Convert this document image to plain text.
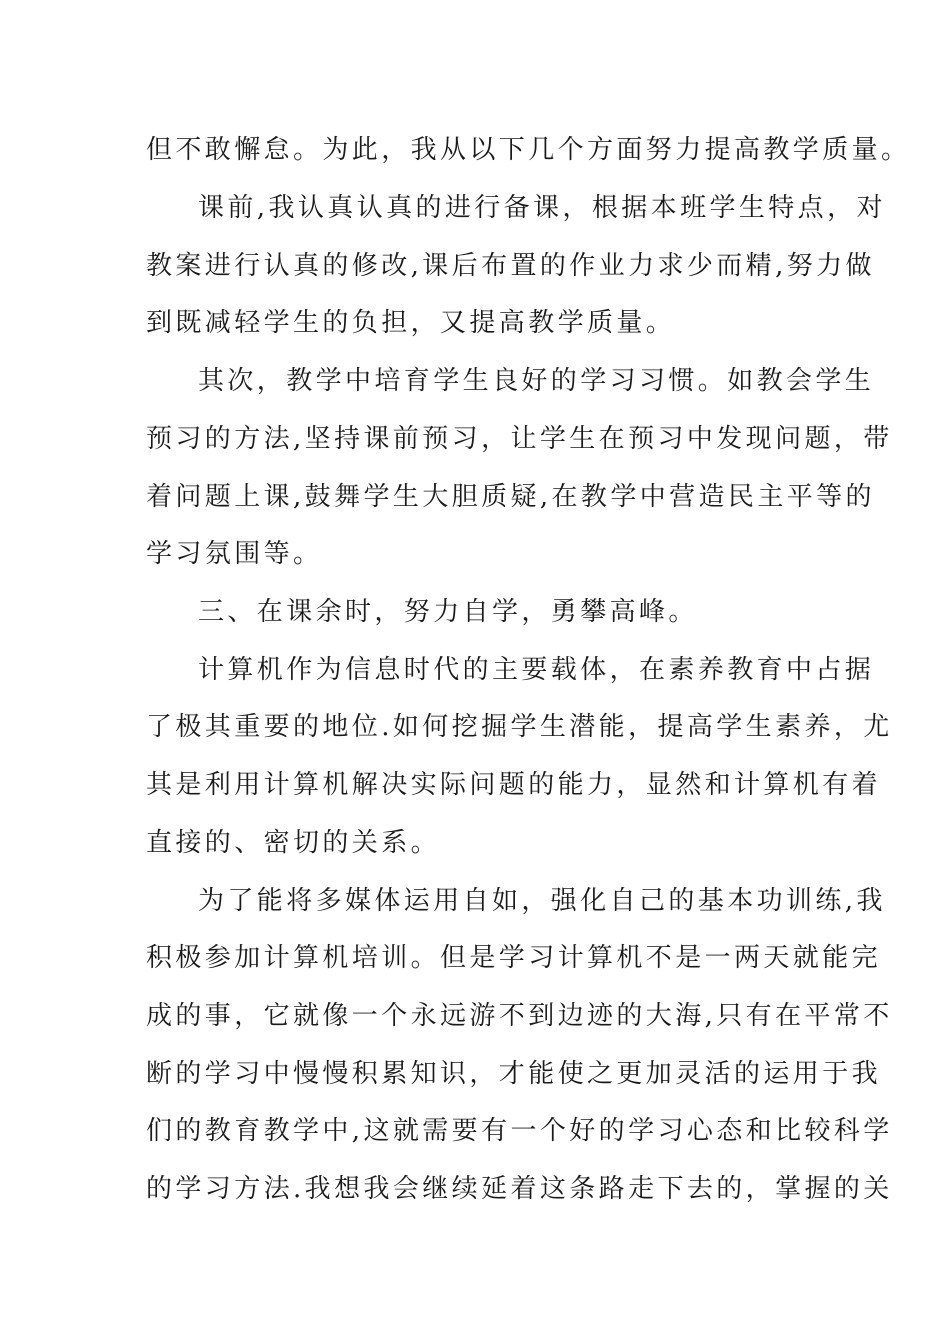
但不敢懈怠。为此，我从以下几个方面努力提高教学质量。
课前,我认真认真的进行备课，根据本班学生特点，对
教案进行认真的修改,课后布置的作业力求少而精,努力做
到既减轻学生的负担，又提高教学质量。
其次，教学中培育学生良好的学习习惯。如教会学生
预习的方法,坚持课前预习，让学生在预习中发现问题，带
着问题上课,鼓舞学生大胆质疑,在教学中营造民主平等的
学习氛围等。
三、在课余时，努力自学，勇攀高峰。
计算机作为信息时代的主要载体，在素养教育中占据
了极其重要的地位.如何挖掘学生潜能，提高学生素养，尤
其是利用计算机解决实际问题的能力，显然和计算机有着
直接的、密切的关系。
为了能将多媒体运用自如，强化自己的基本功训练,我
积极参加计算机培训。但是学习计算机不是一两天就能完
成的事，它就像一个永远游不到边迹的大海,只有在平常不
断的学习中慢慢积累知识，才能使之更加灵活的运用于我
们的教育教学中,这就需要有一个好的学习心态和比较科学
的学习方法.我想我会继续延着这条路走下去的，掌握的关
